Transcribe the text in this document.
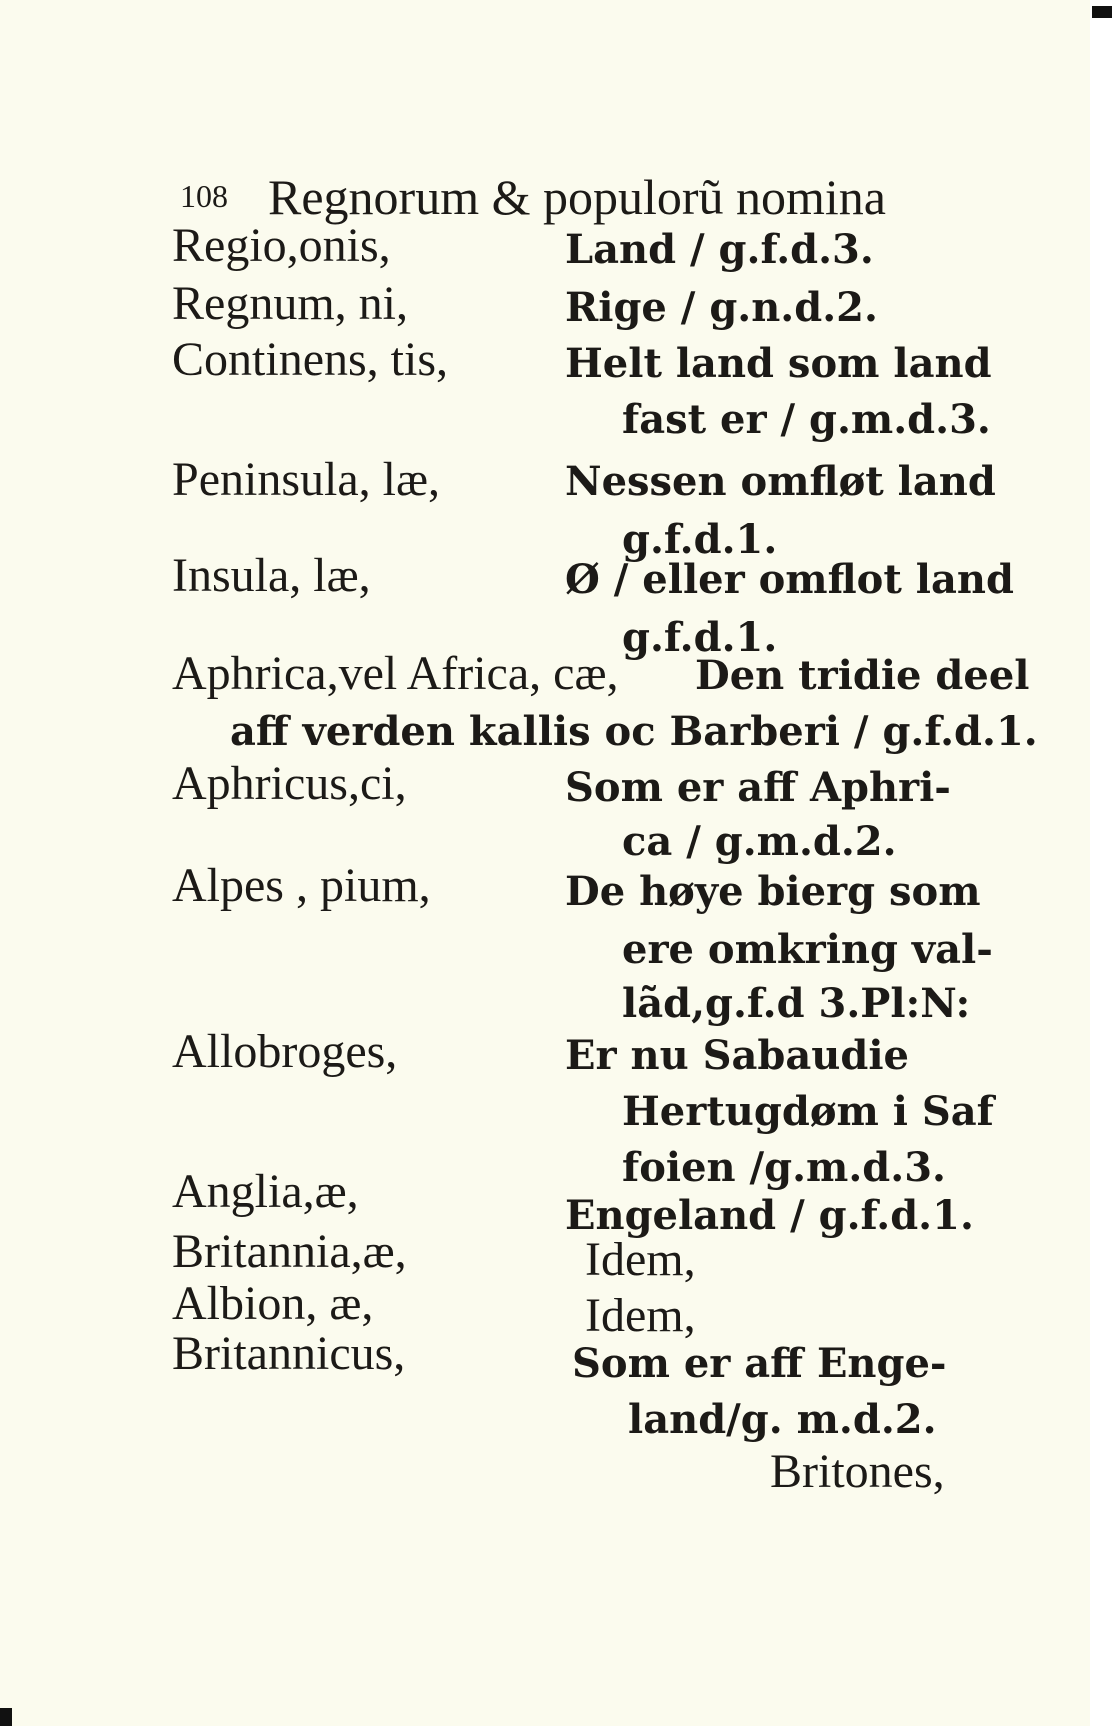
108 Regnorum & populorũ nomina
Regio,onis,	Land / g.f.d.3.
Regnum, ni,	Rige / g.n.d.2.
Continens, tis,	Helt land som land
fast er / g.m.d.3.
Peninsula, læ,	Nessen omfløt land
g.f.d.1.
Insula, læ,	Ø / eller omflot land
g.f.d.1.
Aphrica,vel Africa, cæ, Den tridie deel
aff verden kallis oc Barberi / g.f.d.1.
Aphricus,ci,	Som er aff Aphri-
ca / g.m.d.2.
Alpes , pium,	De høye bierg som
ere omkring val-
lãd,g.f.d 3.Pl:N:
Allobroges,	Er nu Sabaudie
Hertugdøm i Saf
foien /g.m.d.3.
Anglia,æ,	Engeland / g.f.d.1.
Britannia,æ,	Idem,
Albion, æ,	Idem,
Britannicus,	Som er aff Enge-
land/g. m.d.2.
Britones,
